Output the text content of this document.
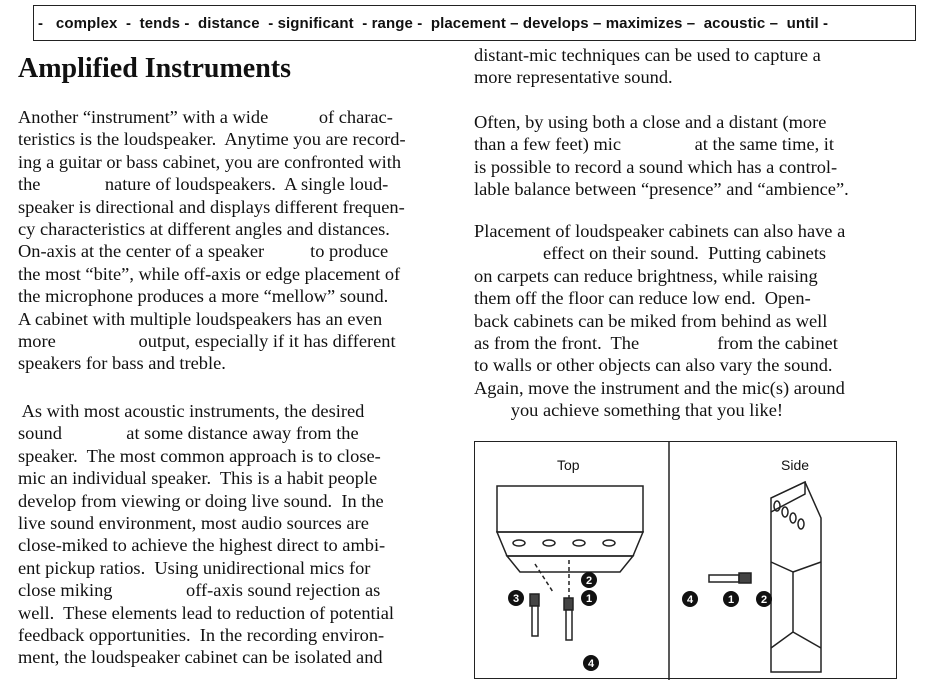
-   complex  -  tends -  distance  - significant  - range -  placement – develops – maximizes –  acoustic –  until -
Amplified Instruments
Another “instrument” with a wide           of charac-
teristics is the loudspeaker.  Anytime you are record-
ing a guitar or bass cabinet, you are confronted with
the              nature of loudspeakers.  A single loud-
speaker is directional and displays different frequen-
cy characteristics at different angles and distances.
On-axis at the center of a speaker          to produce
the most “bite”, while off-axis or edge placement of
the microphone produces a more “mellow” sound.
A cabinet with multiple loudspeakers has an even
more                  output, especially if it has different
speakers for bass and treble.
As with most acoustic instruments, the desired
sound              at some distance away from the
speaker.  The most common approach is to close-
mic an individual speaker.  This is a habit people
develop from viewing or doing live sound.  In the
live sound environment, most audio sources are
close-miked to achieve the highest direct to ambi-
ent pickup ratios.  Using unidirectional mics for
close miking                off-axis sound rejection as
well.  These elements lead to reduction of potential
feedback opportunities.  In the recording environ-
ment, the loudspeaker cabinet can be isolated and
distant-mic techniques can be used to capture a
more representative sound.
Often, by using both a close and a distant (more
than a few feet) mic                at the same time, it
is possible to record a sound which has a control-
lable balance between “presence” and “ambience”.
Placement of loudspeaker cabinets can also have a
effect on their sound.  Putting cabinets
on carpets can reduce brightness, while raising
them off the floor can reduce low end.  Open-
back cabinets can be miked from behind as well
as from the front.  The                 from the cabinet
to walls or other objects can also vary the sound.
Again, move the instrument and the mic(s) around
you achieve something that you like!
Top	Side
2
1
3
4
4	1 2
